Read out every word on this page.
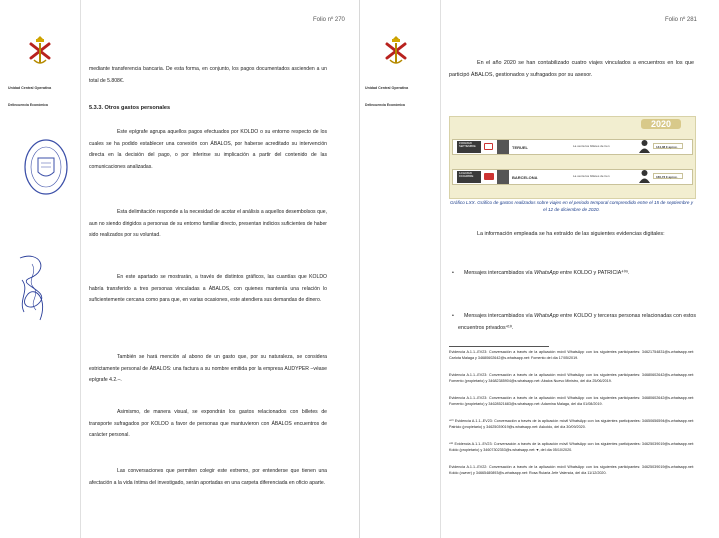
Folio nº 270
Unidad Central Operativa
Delincuencia Económica

mediante transferencia bancaria. De esta forma, en conjunto, los pagos documentados ascienden a un total de 5.808€.

5.3.3. Otros gastos personales

Este epígrafe agrupa aquellos pagos efectuados por KOLDO o su entorno respecto de los cuales se ha podido establecer una conexión con ÁBALOS, por haberse acreditado su intervención directa en la decisión del pago, o por inferirse su implicación a partir del contenido de las comunicaciones analizadas.

Esta delimitación responde a la necesidad de acotar el análisis a aquellos desembolsos que, aun no siendo dirigidos a personas de su entorno familiar directo, presentan indicios suficientes de haber sido realizados por su voluntad.

En este apartado se mostrarán, a través de distintos gráficos, las cuantías que KOLDO habría transferido a tres personas vinculadas a ÁBALOS, con quienes mantenía una relación lo suficientemente cercana como para que, en varias ocasiones, este atendiera sus demandas de dinero.

También se hará mención al abono de un gasto que, por su naturaleza, se considera estrictamente personal de ÁBALOS: una factura a su nombre emitida por la empresa AUDYPER –véase epígrafe 4.2.–.

Asimismo, de manera visual, se expondrán los gastos relacionados con billetes de transporte sufragados por KOLDO a favor de personas que mantuvieron con ÁBALOS encuentros de carácter personal.

Las conversaciones que permiten colegir este extremo, por entenderse que tienen una afectación a la vida íntima del investigado, serán aportadas en una carpeta diferenciada en oficio aparte.

Folio nº 281
Unidad Central Operativa
Delincuencia Económica

En el año 2020 se han contabilizado cuatro viajes vinculados a encuentros en los que participó ÁBALOS, gestionados y sufragados por su asesor.

2020
15/09/2020
SEPTIEMBRE	TERUEL	La venta los billetes de tren	144,08 € aprox.
12/12/2020
DICIEMBRE	BARCELONA	La venta los billetes de tren	160,73 € aprox.

Gráfico LXX. Gráfico de gastos realizados sobre viajes en el periodo temporal comprendido entre el 15 de septiembre y el 12 de diciembre de 2020.

La información empleada se ha extraído de las siguientes evidencias digitales:

• Mensajes intercambiados vía WhatsApp entre KOLDO y PATRICIA⁴⁰⁹.
• Mensajes intercambiados vía WhatsApp entre KOLDO y terceras personas relacionadas con estos encuentros privados⁴¹⁰.

Evidencia A.1.1.-EV23: Conversación a través de la aplicación móvil WhatsApp con los siguientes participantes: 34621754831@s.whatsapp.net: Carlota Malaga y 34680602642@s.whatsapp.net: Fomento del día 17/05/2019.

Evidencia A.1.1.-EV23: Conversación a través de la aplicación móvil WhatsApp con los siguientes participantes: 34680602642@s.whatsapp.net: Fomento (propietario) y 34682385904@s.whatsapp.net: Abalos Nuevo Ministro, del día 25/06/2019.

Evidencia A.1.1.-EV23: Conversación a través de la aplicación móvil WhatsApp con los siguientes participantes: 34680602642@s.whatsapp.net: Fomento (propietario) y 34628521683@s.whatsapp.net: Adamina Malaga, del día 01/08/2019.

⁴⁰⁹ Evidencia A.1.1.-EV23: Conversación a través de la aplicación móvil WhatsApp con los siguientes participantes: 34650656594@s.whatsapp.net: Patricio (propietario) y 34625039019@s.whatsapp.net: Askoldo, del día 30/09/2020.

⁴¹⁰ Evidencia A.1.1.-EV23: Conversación a través de la aplicación móvil WhatsApp con los siguientes participantes: 34625039019@s.whatsapp.net: Koldo (propietario) y 34607302353@s.whatsapp.net: ♥, del día 05/10/2020.

Evidencia A.1.1.-EV22: Conversación a través de la aplicación móvil WhatsApp con los siguientes participantes: 34625039019@s.whatsapp.net: Koldo (owner) y 34665480893@s.whatsapp.net: Rosa Ruiaria Jefe Valencia, del día 11/12/2020.
